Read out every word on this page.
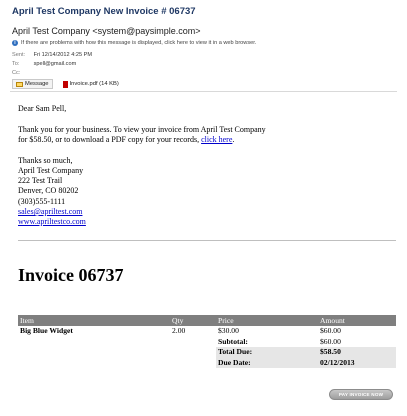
April Test Company New Invoice # 06737
April Test Company <system@paysimple.com>
i If there are problems with how this message is displayed, click here to view it in a web browser.
Sent: Fri 12/14/2012 4:25 PM
To:	spell@gmail.com
Cc:
Message	Invoice.pdf (14 KB)
Dear Sam Pell,
Thank you for your business. To view your invoice from April Test Company
for $58.50, or to download a PDF copy for your records, click here.
Thanks so much,
April Test Company
222 Test Trail
Denver, CO 80202
(303)555-1111
sales@apriltest.com
www.apriltestco.com
Invoice 06737
Item	Qty	Price	Amount
Big Blue Widget	2.00	$30.00	$60.00
		Subtotal:	$60.00
		Total Due:	$58.50
		Due Date:	02/12/2013
PAY INVOICE NOW
